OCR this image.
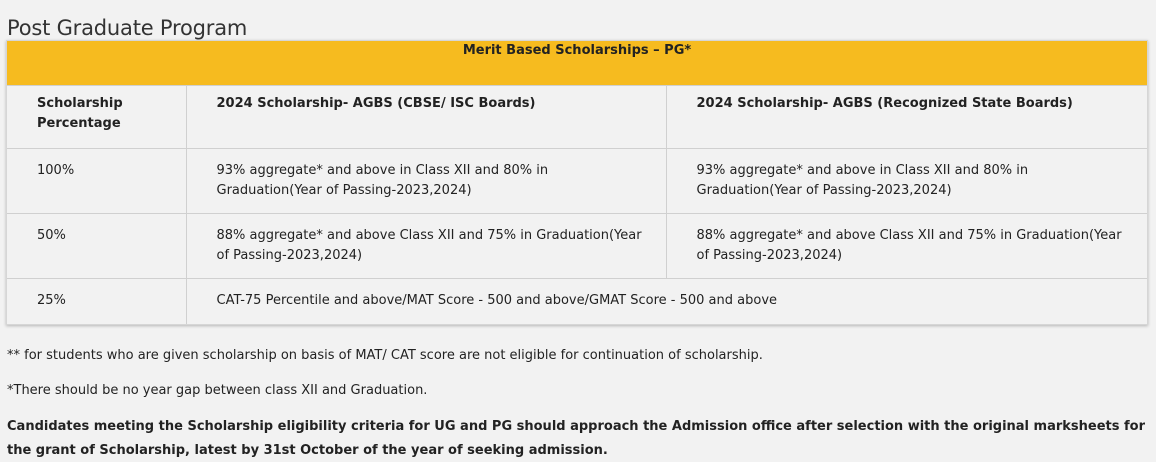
Post Graduate Program
Merit Based Scholarships – PG*		
Scholarship Percentage	2024 Scholarship- AGBS (CBSE/ ISC Boards)	2024 Scholarship- AGBS (Recognized State Boards)
100%	93% aggregate* and above in Class XII and 80% in Graduation(Year of Passing-2023,2024)	93% aggregate* and above in Class XII and 80% in Graduation(Year of Passing-2023,2024)
50%	88% aggregate* and above Class XII and 75% in Graduation(Year of Passing-2023,2024)	88% aggregate* and above Class XII and 75% in Graduation(Year of Passing-2023,2024)
25%	CAT-75 Percentile and above/MAT Score - 500 and above/GMAT Score - 500 and above	
** for students who are given scholarship on basis of MAT/ CAT score are not eligible for continuation of scholarship.
*There should be no year gap between class XII and Graduation.
Candidates meeting the Scholarship eligibility criteria for UG and PG should approach the Admission office after selection with the original marksheets for the grant of Scholarship, latest by 31st October of the year of seeking admission.
